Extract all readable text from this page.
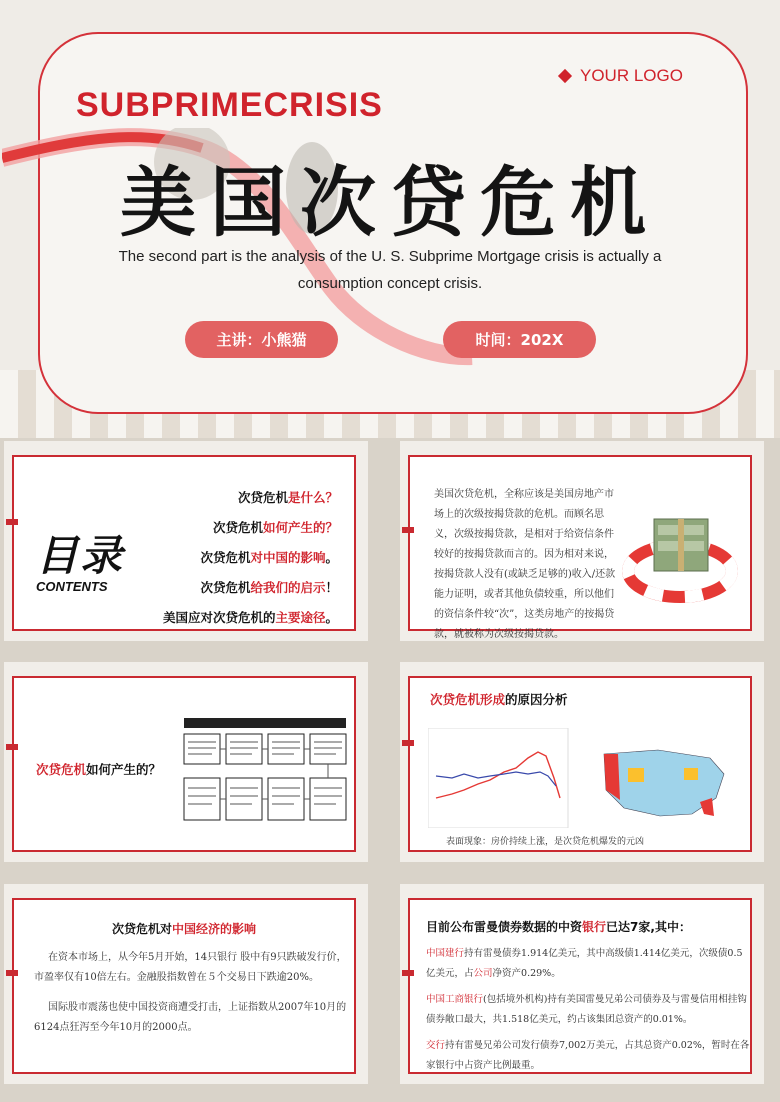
YOUR LOGO
SUBPRIMECRISIS
美国次贷危机
The second part is the analysis of the U. S. Subprime Mortgage crisis is actually a consumption concept crisis.
主讲：小熊猫	时间：202X
目录
CONTENTS
次贷危机是什么？
次贷危机如何产生的？
次贷危机对中国的影响。
次贷危机给我们的启示！
美国应对次贷危机的主要途径。
美国次贷危机，全称应该是美国房地产市场上的次级按揭贷款的危机。而顾名思义，次级按揭贷款，是相对于给资信条件较好的按揭贷款而言的。因为相对来说，按揭贷款人没有(或缺乏足够的)收入/还款能力证明，或者其他负债较重，所以他们的资信条件较“次”，这类房地产的按揭贷款，就被称为次级按揭贷款。
次贷危机如何产生的？
次贷危机形成的原因分析
表面现象：房价持续上涨，是次贷危机爆发的元凶
次贷危机对中国经济的影响

在资本市场上，从今年5月开始，14只银行 股中有9只跌破发行价，市盈率仅有10倍左右。金融股指数曾在５个交易日下跌逾20%。

国际股市震荡也使中国投资商遭受打击，上证指数从2007年10月的6124点狂泻至今年10月的2000点。

目前公布雷曼债券数据的中资银行已达7家,其中：

中国建行持有雷曼债券1.914亿美元，其中高级债1.414亿美元，次级债0.5亿美元，占公司净资产0.29%。

中国工商银行(包括境外机构)持有美国雷曼兄弟公司债券及与雷曼信用相挂钩债券敞口最大，共1.518亿美元，约占该集团总资产的0.01%。

交行持有雷曼兄弟公司发行债券7,002万美元，占其总资产0.02%，暂时在各家银行中占资产比例最重。
